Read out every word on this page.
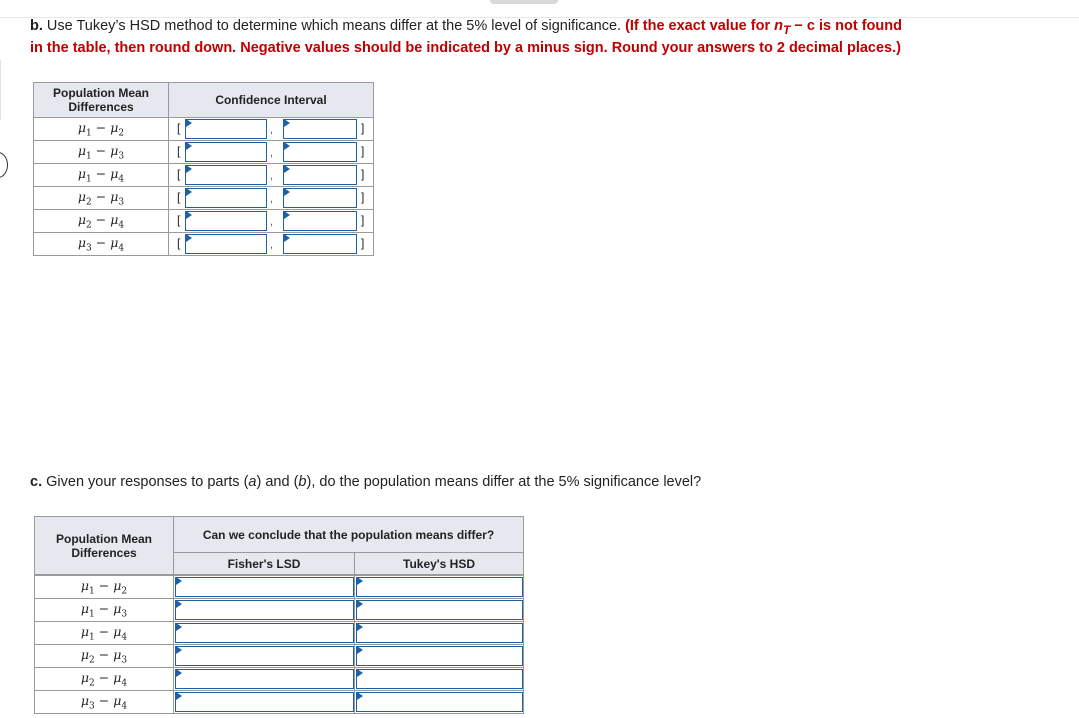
b. Use Tukey’s HSD method to determine which means differ at the 5% level of significance. (If the exact value for $n_T - c$ is not found
in the table, then round down. Negative values should be indicated by a minus sign. Round your answers to 2 decimal places.)
Population Mean Differences	Confidence Interval
$\mu_1 - \mu_2$	[ , ]

$\mu_1 - \mu_3$	[ , ]

$\mu_1 - \mu_4$	[ , ]

$\mu_2 - \mu_3$	[ , ]

$\mu_2 - \mu_4$	[ , ]

$\mu_3 - \mu_4$	[ , ]
c. Given your responses to parts (a) and (b), do the population means differ at the 5% significance level?
Population Mean Differences	Can we conclude that the population means differ?	
	Fisher's LSD	Tukey's HSD

$\mu_1 - \mu_2$	

$\mu_1 - \mu_3$	

$\mu_1 - \mu_4$	

$\mu_2 - \mu_3$	

$\mu_2 - \mu_4$	

$\mu_3 - \mu_4$	
